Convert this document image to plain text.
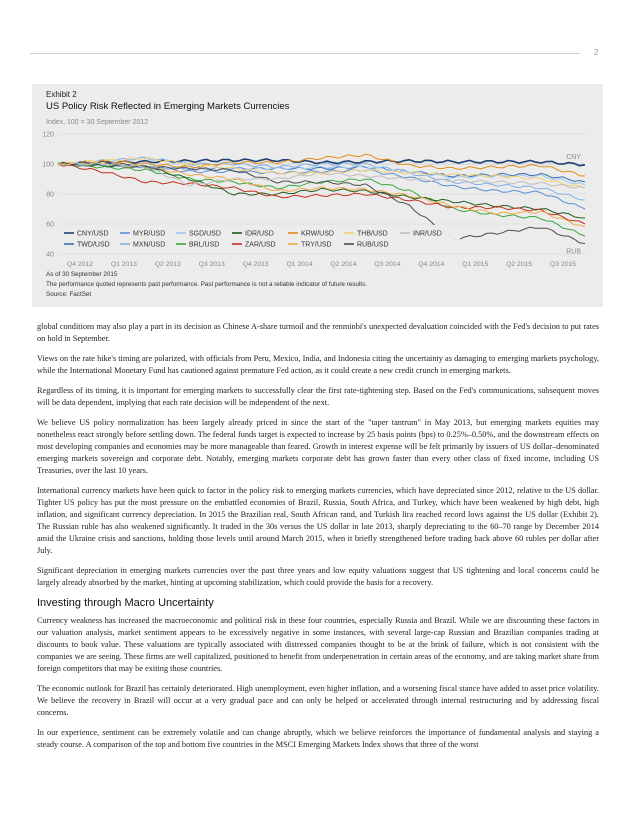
2
Exhibit 2
US Policy Risk Reflected in Emerging Markets Currencies
Index, 100 = 30 September 2012
120
100
80
60
40
Q4 2012	Q1 2013	Q2 2013	Q3 2013	Q4 2013	Q1 2014	Q2 2014	Q3 2014	Q4 2014	Q1 2015	Q2 2015	Q3 2015
CNY
RUB
CNY/USD
TWD/USD
MYR/USD
MXN/USD
SGD/USD
BRL/USD
IDR/USD
ZAR/USD
KRW/USD
TRY/USD
THB/USD
RUB/USD
INR/USD
As of 30 September 2015
The performance quoted represents past performance. Past performance is not a reliable indicator of future results.
Source: FactSet

global conditions may also play a part in its decision as Chinese A-share turmoil and the renminbi's unexpected devaluation coincided with the Fed's decision to put rates on hold in September.

Views on the rate hike's timing are polarized, with officials from Peru, Mexico, India, and Indonesia citing the uncertainty as damaging to emerging markets psychology, while the International Monetary Fund has cautioned against premature Fed action, as it could create a new credit crunch in emerging markets.

Regardless of its timing, it is important for emerging markets to successfully clear the first rate-tightening step. Based on the Fed's communications, subsequent moves will be data dependent, implying that each rate decision will be independent of the next.

We believe US policy normalization has been largely already priced in since the start of the "taper tantrum" in May 2013, but emerging markets equities may nonetheless react strongly before settling down. The federal funds target is expected to increase by 25 basis points (bps) to 0.25%–0.50%, and the downstream effects on most developing companies and economies may be more manageable than feared. Growth in interest expense will be felt primarily by issuers of US dollar–denominated emerging markets sovereign and corporate debt. Notably, emerging markets corporate debt has grown faster than every other class of fixed income, including US Treasuries, over the last 10 years.

International currency markets have been quick to factor in the policy risk to emerging markets currencies, which have depreciated since 2012, relative to the US dollar. Tighter US policy has put the most pressure on the embattled economies of Brazil, Russia, South Africa, and Turkey, which have been weakened by high debt, high inflation, and significant currency depreciation. In 2015 the Brazilian real, South African rand, and Turkish lira reached record lows against the US dollar (Exhibit 2). The Russian ruble has also weakened significantly. It traded in the 30s versus the US dollar in late 2013, sharply depreciating to the 60–70 range by December 2014 amid the Ukraine crisis and sanctions, holding those levels until around March 2015, when it briefly strengthened before trading back above 60 rubles per dollar after July.

Significant depreciation in emerging markets currencies over the past three years and low equity valuations suggest that US tightening and local concerns could be largely already absorbed by the market, hinting at upcoming stabilization, which could provide the basis for a recovery.

Investing through Macro Uncertainty

Currency weakness has increased the macroeconomic and political risk in these four countries, especially Russia and Brazil. While we are discounting these factors in our valuation analysis, market sentiment appears to be excessively negative in some instances, with several large-cap Russian and Brazilian companies trading at discounts to book value. These valuations are typically associated with distressed companies thought to be at the brink of failure, which is not consistent with the companies we are seeing. These firms are well capitalized, positioned to benefit from underpenetration in certain areas of the economy, and are taking market share from foreign competitors that may be exiting those countries.

The economic outlook for Brazil has certainly deteriorated. High unemployment, even higher inflation, and a worsening fiscal stance have added to asset price volatility. We believe the recovery in Brazil will occur at a very gradual pace and can only be helped or accelerated through internal restructuring and by addressing fiscal concerns.

In our experience, sentiment can be extremely volatile and can change abruptly, which we believe reinforces the importance of fundamental analysis and staying a steady course. A comparison of the top and bottom five countries in the MSCI Emerging Markets Index shows that three of the worst
